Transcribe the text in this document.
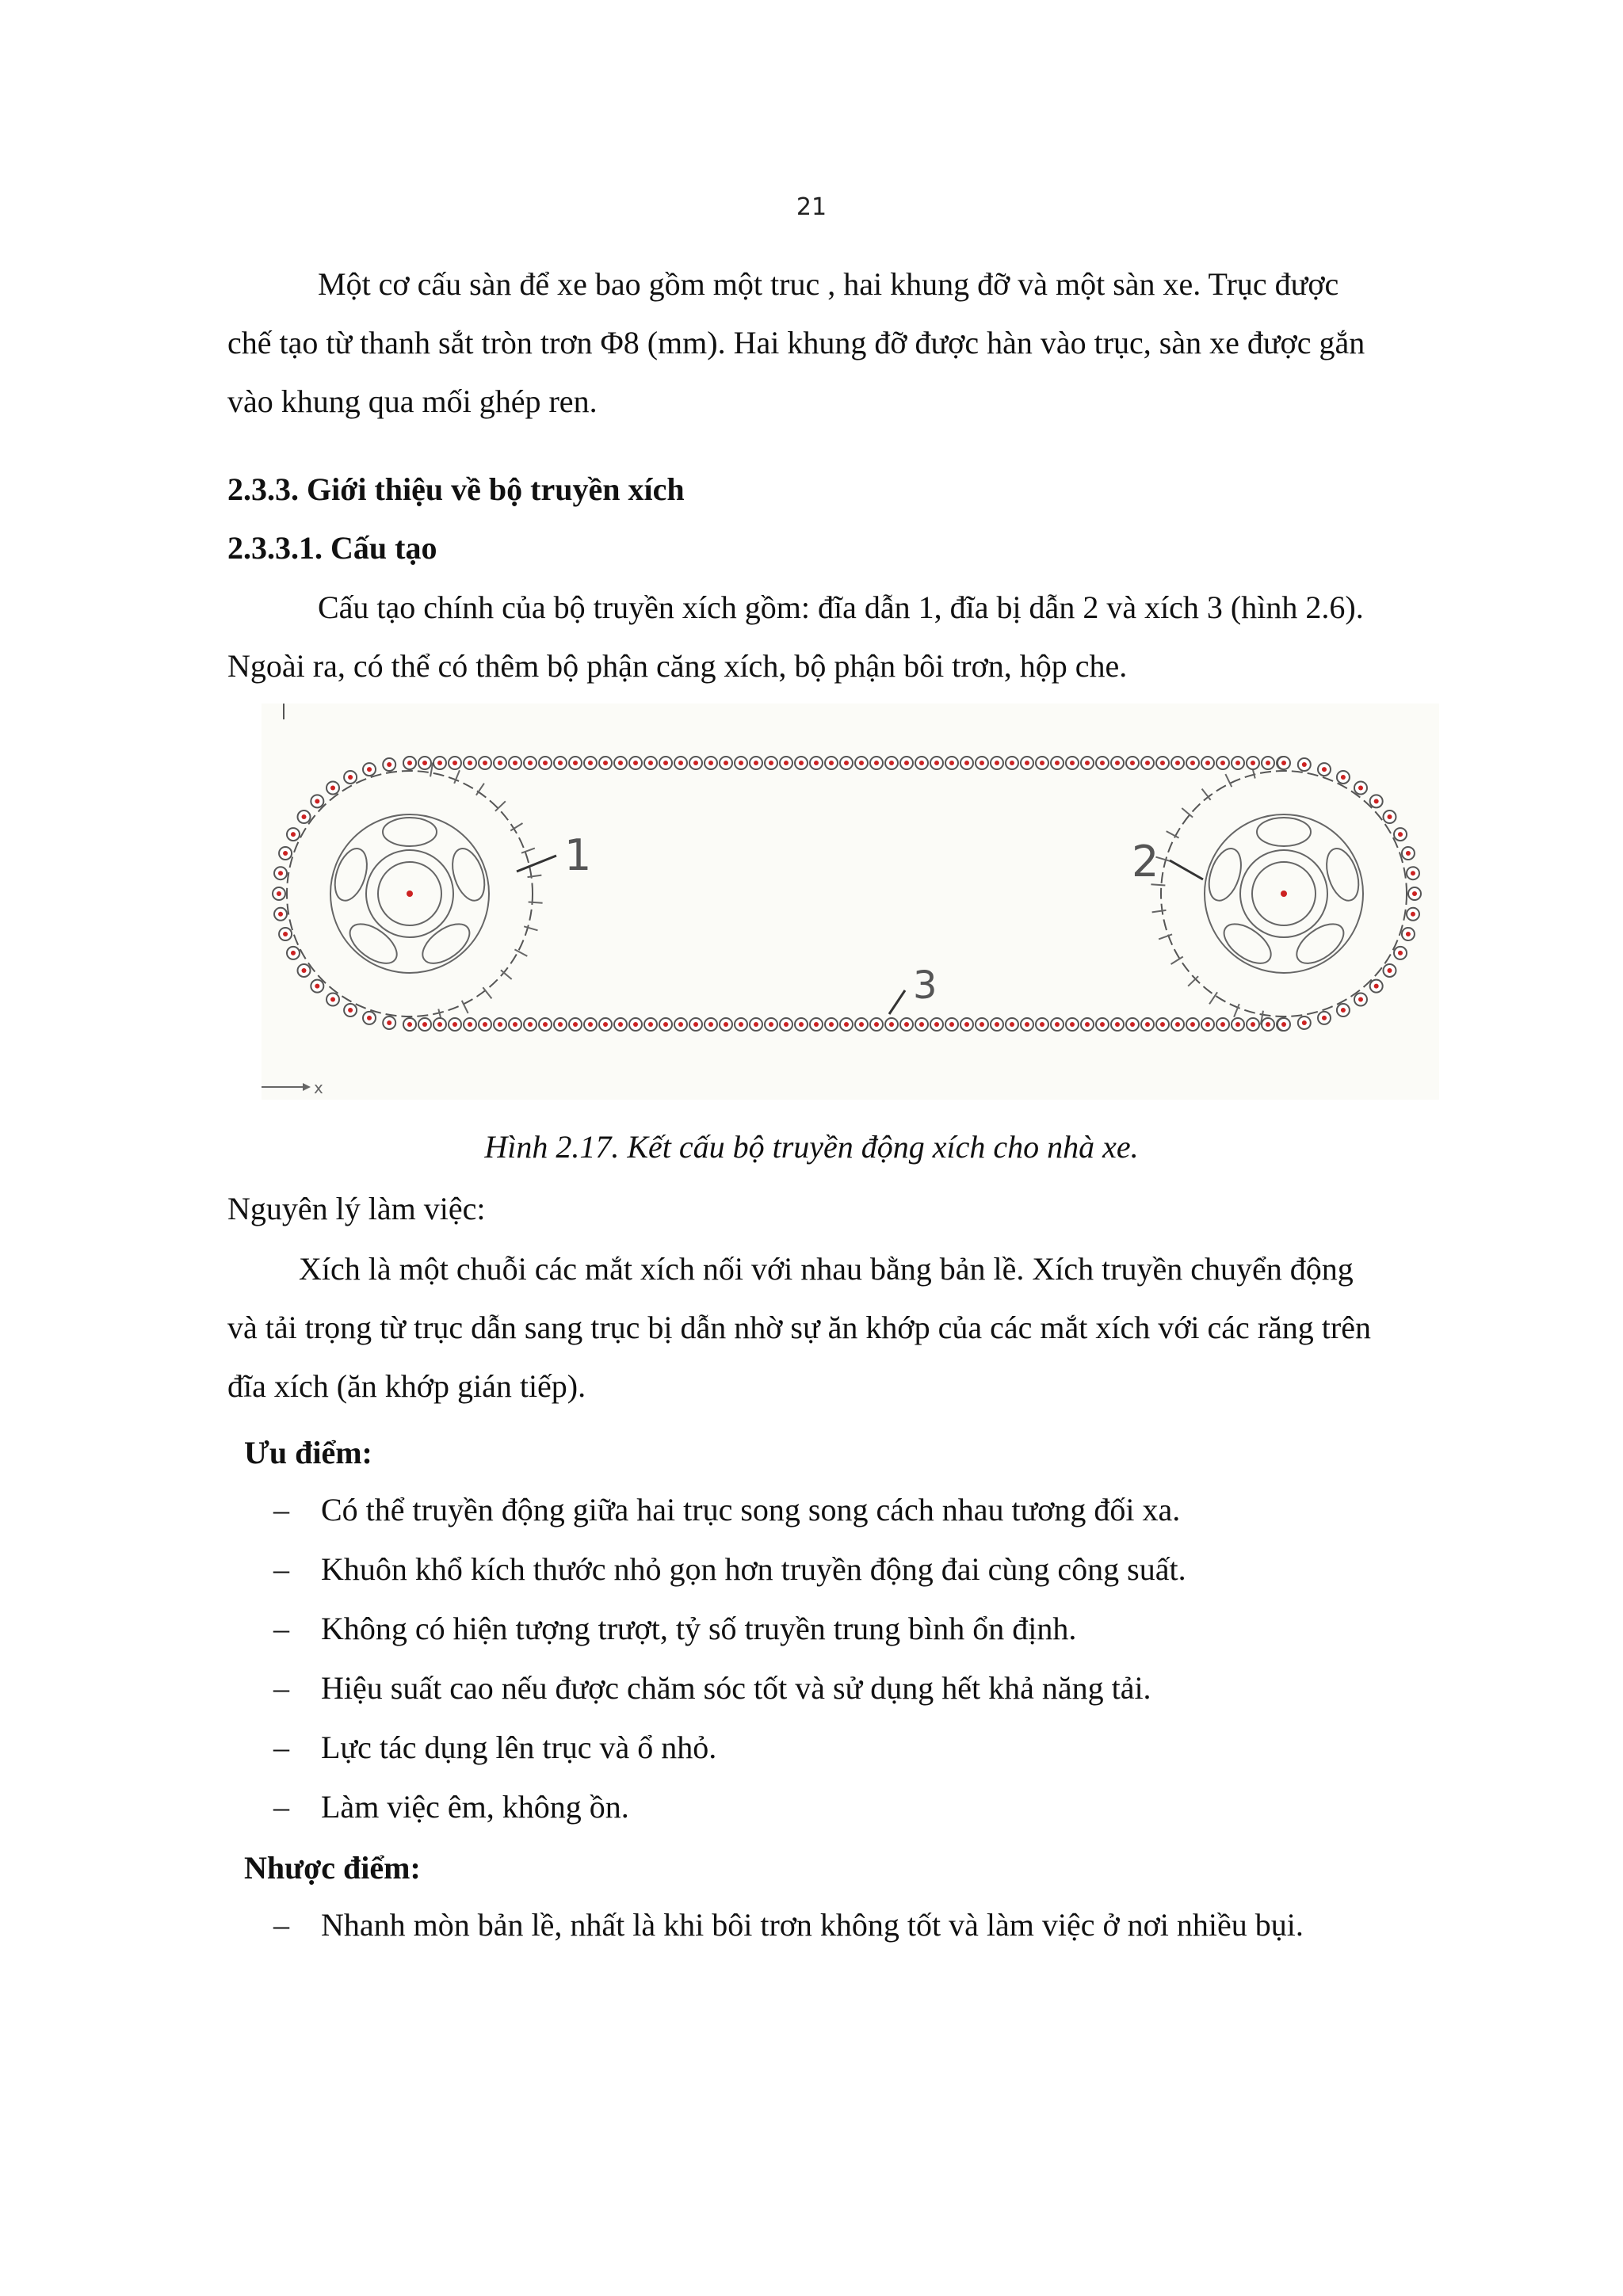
21
Một cơ cấu sàn để xe bao gồm một truc , hai khung đỡ và một sàn xe. Trục được
chế tạo từ thanh sắt tròn trơn Φ8 (mm). Hai khung đỡ được hàn vào trục, sàn xe được gắn
vào khung qua mối ghép ren.
2.3.3. Giới thiệu về bộ truyền xích
2.3.3.1. Cấu tạo
Cấu tạo chính của bộ truyền xích gồm: đĩa dẫn 1, đĩa bị dẫn 2 và xích 3 (hình 2.6).
Ngoài ra, có thể có thêm bộ phận căng xích, bộ phận bôi trơn, hộp che.
1	2
3
x
Hình 2.17. Kết cấu bộ truyền động xích cho nhà xe.
Nguyên lý làm việc:
Xích là một chuỗi các mắt xích nối với nhau bằng bản lề. Xích truyền chuyển động
và tải trọng từ trục dẫn sang trục bị dẫn nhờ sự ăn khớp của các mắt xích với các răng trên
đĩa xích (ăn khớp gián tiếp).
Ưu điểm:
– Có thể truyền động giữa hai trục song song cách nhau tương đối xa.
– Khuôn khổ kích thước nhỏ gọn hơn truyền động đai cùng công suất.
– Không có hiện tượng trượt, tỷ số truyền trung bình ổn định.
– Hiệu suất cao nếu được chăm sóc tốt và sử dụng hết khả năng tải.
– Lực tác dụng lên trục và ổ nhỏ.
– Làm việc êm, không ồn.
Nhược điểm:
– Nhanh mòn bản lề, nhất là khi bôi trơn không tốt và làm việc ở nơi nhiều bụi.
